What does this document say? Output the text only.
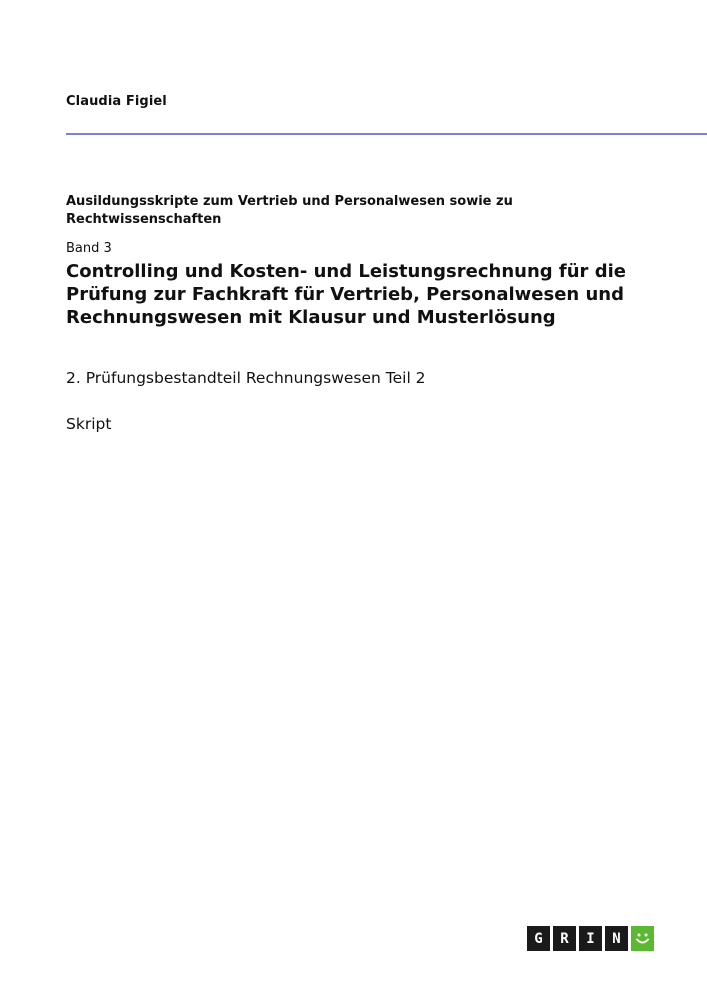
Claudia Figiel
Ausildungsskripte zum Vertrieb und Personalwesen sowie zu Rechtwissenschaften
Band 3
Controlling und Kosten- und Leistungsrechnung für die Prüfung zur Fachkraft für Vertrieb, Personalwesen und Rechnungswesen mit Klausur und Musterlösung
2. Prüfungsbestandteil Rechnungswesen Teil 2
Skript
G	R	I	N
